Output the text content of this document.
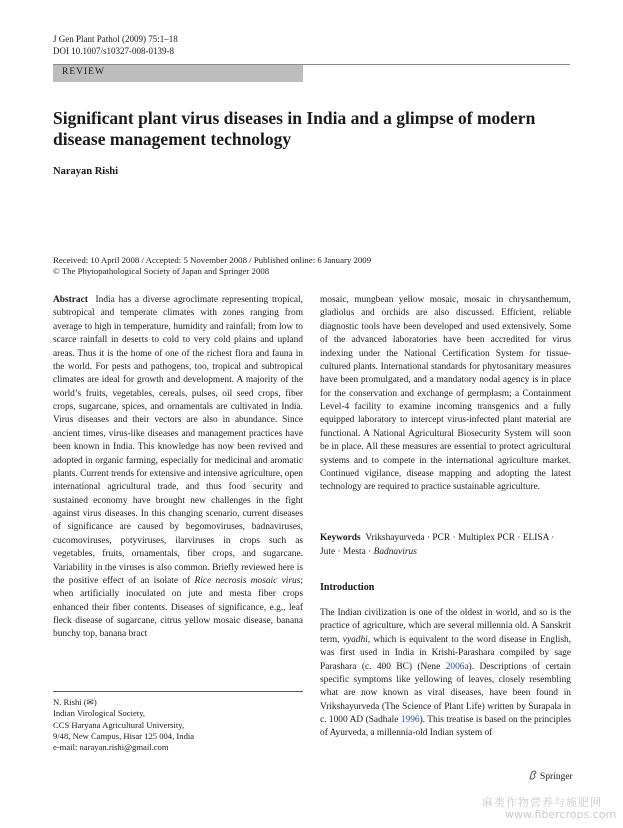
J Gen Plant Pathol (2009) 75:1–18
DOI 10.1007/s10327-008-0139-8
REVIEW
Significant plant virus diseases in India and a glimpse of modern disease management technology
Narayan Rishi
Received: 10 April 2008 / Accepted: 5 November 2008 / Published online: 6 January 2009
© The Phytopathological Society of Japan and Springer 2008

Abstract India has a diverse agroclimate representing tropical, subtropical and temperate climates with zones ranging from average to high in temperature, humidity and rainfall; from low to scarce rainfall in deserts to cold to very cold plains and upland areas. Thus it is the home of one of the richest flora and fauna in the world. For pests and pathogens, too, tropical and subtropical climates are ideal for growth and development. A majority of the world’s fruits, vegetables, cereals, pulses, oil seed crops, fiber crops, sugarcane, spices, and ornamentals are cultivated in India. Virus diseases and their vectors are also in abundance. Since ancient times, virus-like diseases and management practices have been known in India. This knowledge has now been revived and adopted in organic farming, especially for medicinal and aromatic plants. Current trends for extensive and intensive agriculture, open international agricultural trade, and thus food security and sustained economy have brought new challenges in the fight against virus diseases. In this changing scenario, current diseases of significance are caused by begomoviruses, badnaviruses, cucomoviruses, potyviruses, ilarviruses in crops such as vegetables, fruits, ornamentals, fiber crops, and sugarcane. Variability in the viruses is also common. Briefly reviewed here is the positive effect of an isolate of Rice necrosis mosaic virus; when artificially inoculated on jute and mesta fiber crops enhanced their fiber contents. Diseases of significance, e.g., leaf fleck disease of sugarcane, citrus yellow mosaic disease, banana bunchy top, banana bract

mosaic, mungbean yellow mosaic, mosaic in chrysanthemum, gladiolus and orchids are also discussed. Efficient, reliable diagnostic tools have been developed and used extensively. Some of the advanced laboratories have been accredited for virus indexing under the National Certification System for tissue-cultured plants. International standards for phytosanitary measures have been promulgated, and a mandatory nodal agency is in place for the conservation and exchange of germplasm; a Containment Level-4 facility to examine incoming transgenics and a fully equipped laboratory to intercept virus-infected plant material are functional. A National Agricultural Biosecurity System will soon be in place. All these measures are essential to protect agricultural systems and to compete in the international agriculture market. Continued vigilance, disease mapping and adopting the latest technology are required to practice sustainable agriculture.

Keywords Vrikshayurveda · PCR · Multiplex PCR · ELISA · Jute · Mesta · Badnavirus
Introduction

The Indian civilization is one of the oldest in world, and so is the practice of agriculture, which are several millennia old. A Sanskrit term, vyadhi, which is equivalent to the word disease in English, was first used in India in Krishi-Parashara compiled by sage Parashara (c. 400 BC) (Nene 2006a). Descriptions of certain specific symptoms like yellowing of leaves, closely resembling what are now known as viral diseases, have been found in Vrikshayurveda (The Science of Plant Life) written by Surapala in c. 1000 AD (Sadhale 1996). This treatise is based on the principles of Ayurveda, a millennia-old Indian system of

N. Rishi (✉)
Indian Virological Society,
CCS Haryana Agricultural University,
9/48, New Campus, Hisar 125 004, India
e-mail: narayan.rishi@gmail.com
Springer
麻类作物营养与施肥网
www.fibercrops.com
